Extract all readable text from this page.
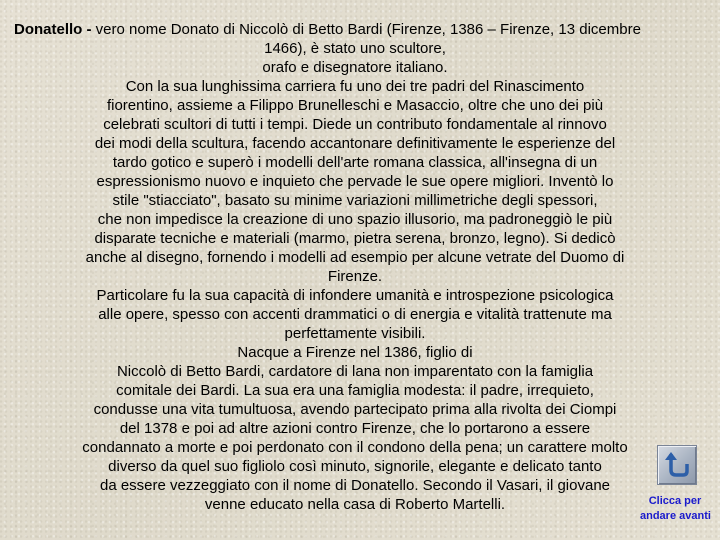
Donatello - vero nome Donato di Niccolò di Betto Bardi (Firenze, 1386 – Firenze, 13 dicembre
1466), è stato uno scultore,
orafo e disegnatore italiano.
Con la sua lunghissima carriera fu uno dei tre padri del Rinascimento
fiorentino, assieme a Filippo Brunelleschi e Masaccio, oltre che uno dei più
celebrati scultori di tutti i tempi. Diede un contributo fondamentale al rinnovo
dei modi della scultura, facendo accantonare definitivamente le esperienze del
tardo gotico e superò i modelli dell'arte romana classica, all'insegna di un
espressionismo nuovo e inquieto che pervade le sue opere migliori. Inventò lo
stile "stiacciato", basato su minime variazioni millimetriche degli spessori,
che non impedisce la creazione di uno spazio illusorio, ma padroneggiò le più
disparate tecniche e materiali (marmo, pietra serena, bronzo, legno). Si dedicò
anche al disegno, fornendo i modelli ad esempio per alcune vetrate del Duomo di
Firenze.
Particolare fu la sua capacità di infondere umanità e introspezione psicologica
alle opere, spesso con accenti drammatici o di energia e vitalità trattenute ma
perfettamente visibili.
Nacque a Firenze nel 1386, figlio di
Niccolò di Betto Bardi, cardatore di lana non imparentato con la famiglia
comitale dei Bardi. La sua era una famiglia modesta: il padre, irrequieto,
condusse una vita tumultuosa, avendo partecipato prima alla rivolta dei Ciompi
del 1378 e poi ad altre azioni contro Firenze, che lo portarono a essere
condannato a morte e poi perdonato con il condono della pena; un carattere molto
diverso da quel suo figliolo così minuto, signorile, elegante e delicato tanto
da essere vezzeggiato con il nome di Donatello. Secondo il Vasari, il giovane
venne educato nella casa di Roberto Martelli.	Clicca per
andare avanti
